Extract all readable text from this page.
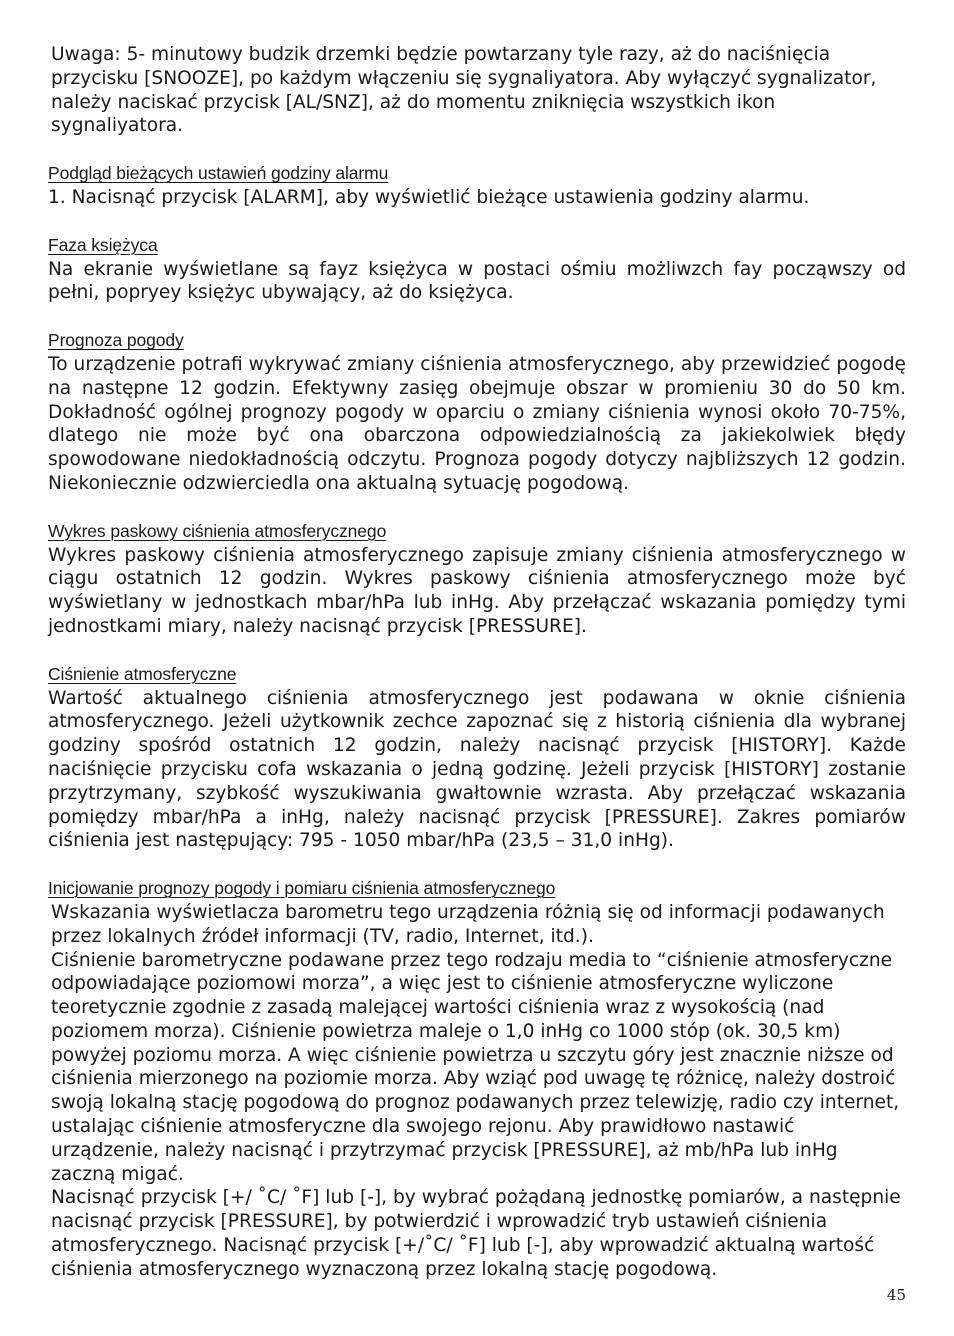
Uwaga: 5- minutowy budzik drzemki będzie powtarzany tyle razy, aż do naciśnięcia przycisku [SNOOZE], po każdym włączeniu się sygnaliyatora. Aby wyłączyć sygnalizator, należy naciskać przycisk [AL/SNZ], aż do momentu zniknięcia wszystkich ikon sygnaliyatora.

Podgląd bieżących ustawień godziny alarmu

1. Nacisnąć przycisk [ALARM], aby wyświetlić bieżące ustawienia godziny alarmu.

Faza księżyca

Na ekranie wyświetlane są fayz księżyca w postaci ośmiu możliwzch fay począwszy od pełni, popryey księżyc ubywający, aż do księżyca.

Prognoza pogody

To urządzenie potrafi wykrywać zmiany ciśnienia atmosferycznego, aby przewidzieć pogodę na następne 12 godzin. Efektywny zasięg obejmuje obszar w promieniu 30 do 50 km. Dokładność ogólnej prognozy pogody w oparciu o zmiany ciśnienia wynosi około 70-75%, dlatego nie może być ona obarczona odpowiedzialnością za jakiekolwiek błędy spowodowane niedokładnością odczytu. Prognoza pogody dotyczy najbliższych 12 godzin. Niekoniecznie odzwierciedla ona aktualną sytuację pogodową.

Wykres paskowy ciśnienia atmosferycznego

Wykres paskowy ciśnienia atmosferycznego zapisuje zmiany ciśnienia atmosferycznego w ciągu ostatnich 12 godzin. Wykres paskowy ciśnienia atmosferycznego może być wyświetlany w jednostkach mbar/hPa lub inHg. Aby przełączać wskazania pomiędzy tymi jednostkami miary, należy nacisnąć przycisk [PRESSURE].

Ciśnienie atmosferyczne

Wartość aktualnego ciśnienia atmosferycznego jest podawana w oknie ciśnienia atmosferycznego. Jeżeli użytkownik zechce zapoznać się z historią ciśnienia dla wybranej godziny spośród ostatnich 12 godzin, należy nacisnąć przycisk [HISTORY]. Każde naciśnięcie przycisku cofa wskazania o jedną godzinę. Jeżeli przycisk [HISTORY] zostanie przytrzymany, szybkość wyszukiwania gwałtownie wzrasta. Aby przełączać wskazania pomiędzy mbar/hPa a inHg, należy nacisnąć przycisk [PRESSURE]. Zakres pomiarów ciśnienia jest następujący: 795 - 1050 mbar/hPa (23,5 – 31,0 inHg).

Inicjowanie prognozy pogody i pomiaru ciśnienia atmosferycznego

Wskazania wyświetlacza barometru tego urządzenia różnią się od informacji podawanych przez lokalnych źródeł informacji (TV, radio, Internet, itd.).

Ciśnienie barometryczne podawane przez tego rodzaju media to “ciśnienie atmosferyczne odpowiadające poziomowi morza”, a więc jest to ciśnienie atmosferyczne wyliczone teoretycznie zgodnie z zasadą malejącej wartości ciśnienia wraz z wysokością (nad poziomem morza). Ciśnienie powietrza maleje o 1,0 inHg co 1000 stóp (ok. 30,5 km) powyżej poziomu morza. A więc ciśnienie powietrza u szczytu góry jest znacznie niższe od ciśnienia mierzonego na poziomie morza. Aby wziąć pod uwagę tę różnicę, należy dostroić swoją lokalną stację pogodową do prognoz podawanych przez telewizję, radio czy internet, ustalając ciśnienie atmosferyczne dla swojego rejonu. Aby prawidłowo nastawić urządzenie, należy nacisnąć i przytrzymać przycisk [PRESSURE], aż mb/hPa lub inHg zaczną migać.

Nacisnąć przycisk [+/ ˚C/ ˚F] lub [-], by wybrać pożądaną jednostkę pomiarów, a następnie nacisnąć przycisk [PRESSURE], by potwierdzić i wprowadzić tryb ustawień ciśnienia atmosferycznego. Nacisnąć przycisk [+/˚C/ ˚F] lub [-], aby wprowadzić aktualną wartość ciśnienia atmosferycznego wyznaczoną przez lokalną stację pogodową.

45
